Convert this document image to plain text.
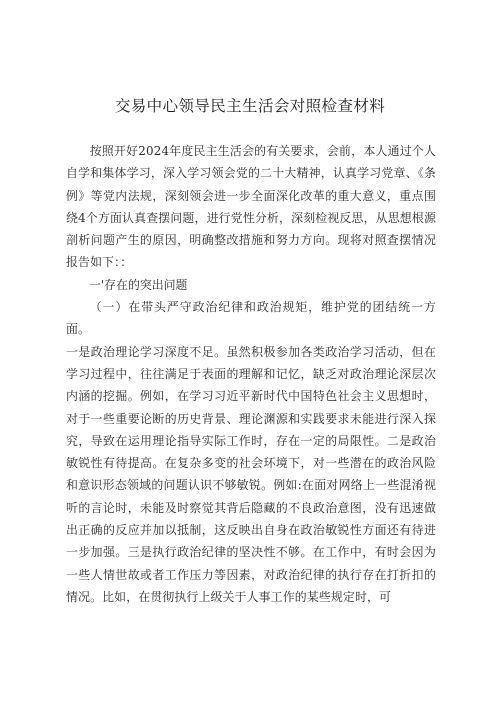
交易中心领导民主生活会对照检查材料

按照开好2024年度民主生活会的有关要求，会前，本人通过个人自学和集体学习，深入学习领会党的二十大精神，认真学习党章、《条例》等党内法规，深刻领会进一步全面深化改革的重大意义，重点围绕4个方面认真查摆问题，进行党性分析，深刻检视反思，从思想根源剖析问题产生的原因，明确整改措施和努力方向。现将对照查摆情况报告如下：：

一'存在的突出问题

（一）在带头严守政治纪律和政治规矩，维护党的团结统一方面。

一是政治理论学习深度不足。虽然积极参加各类政治学习活动，但在学习过程中，往往满足于表面的理解和记忆，缺乏对政治理论深层次内涵的挖掘。例如，在学习习近平新时代中国特色社会主义思想时，对于一些重要论断的历史背景、理论渊源和实践要求未能进行深入探究，导致在运用理论指导实际工作时，存在一定的局限性。二是政治敏锐性有待提高。在复杂多变的社会环境下，对一些潜在的政治风险和意识形态领域的问题认识不够敏锐。例如:在面对网络上一些混淆视听的言论时，未能及时察觉其背后隐藏的不良政治意图，没有迅速做出正确的反应并加以抵制，这反映出自身在政治敏锐性方面还有待进一步加强。三是执行政治纪律的坚决性不够。在工作中，有时会因为一些人情世故或者工作压力等因素，对政治纪律的执行存在打折扣的情况。比如，在贯彻执行上级关于人事工作的某些规定时，可
